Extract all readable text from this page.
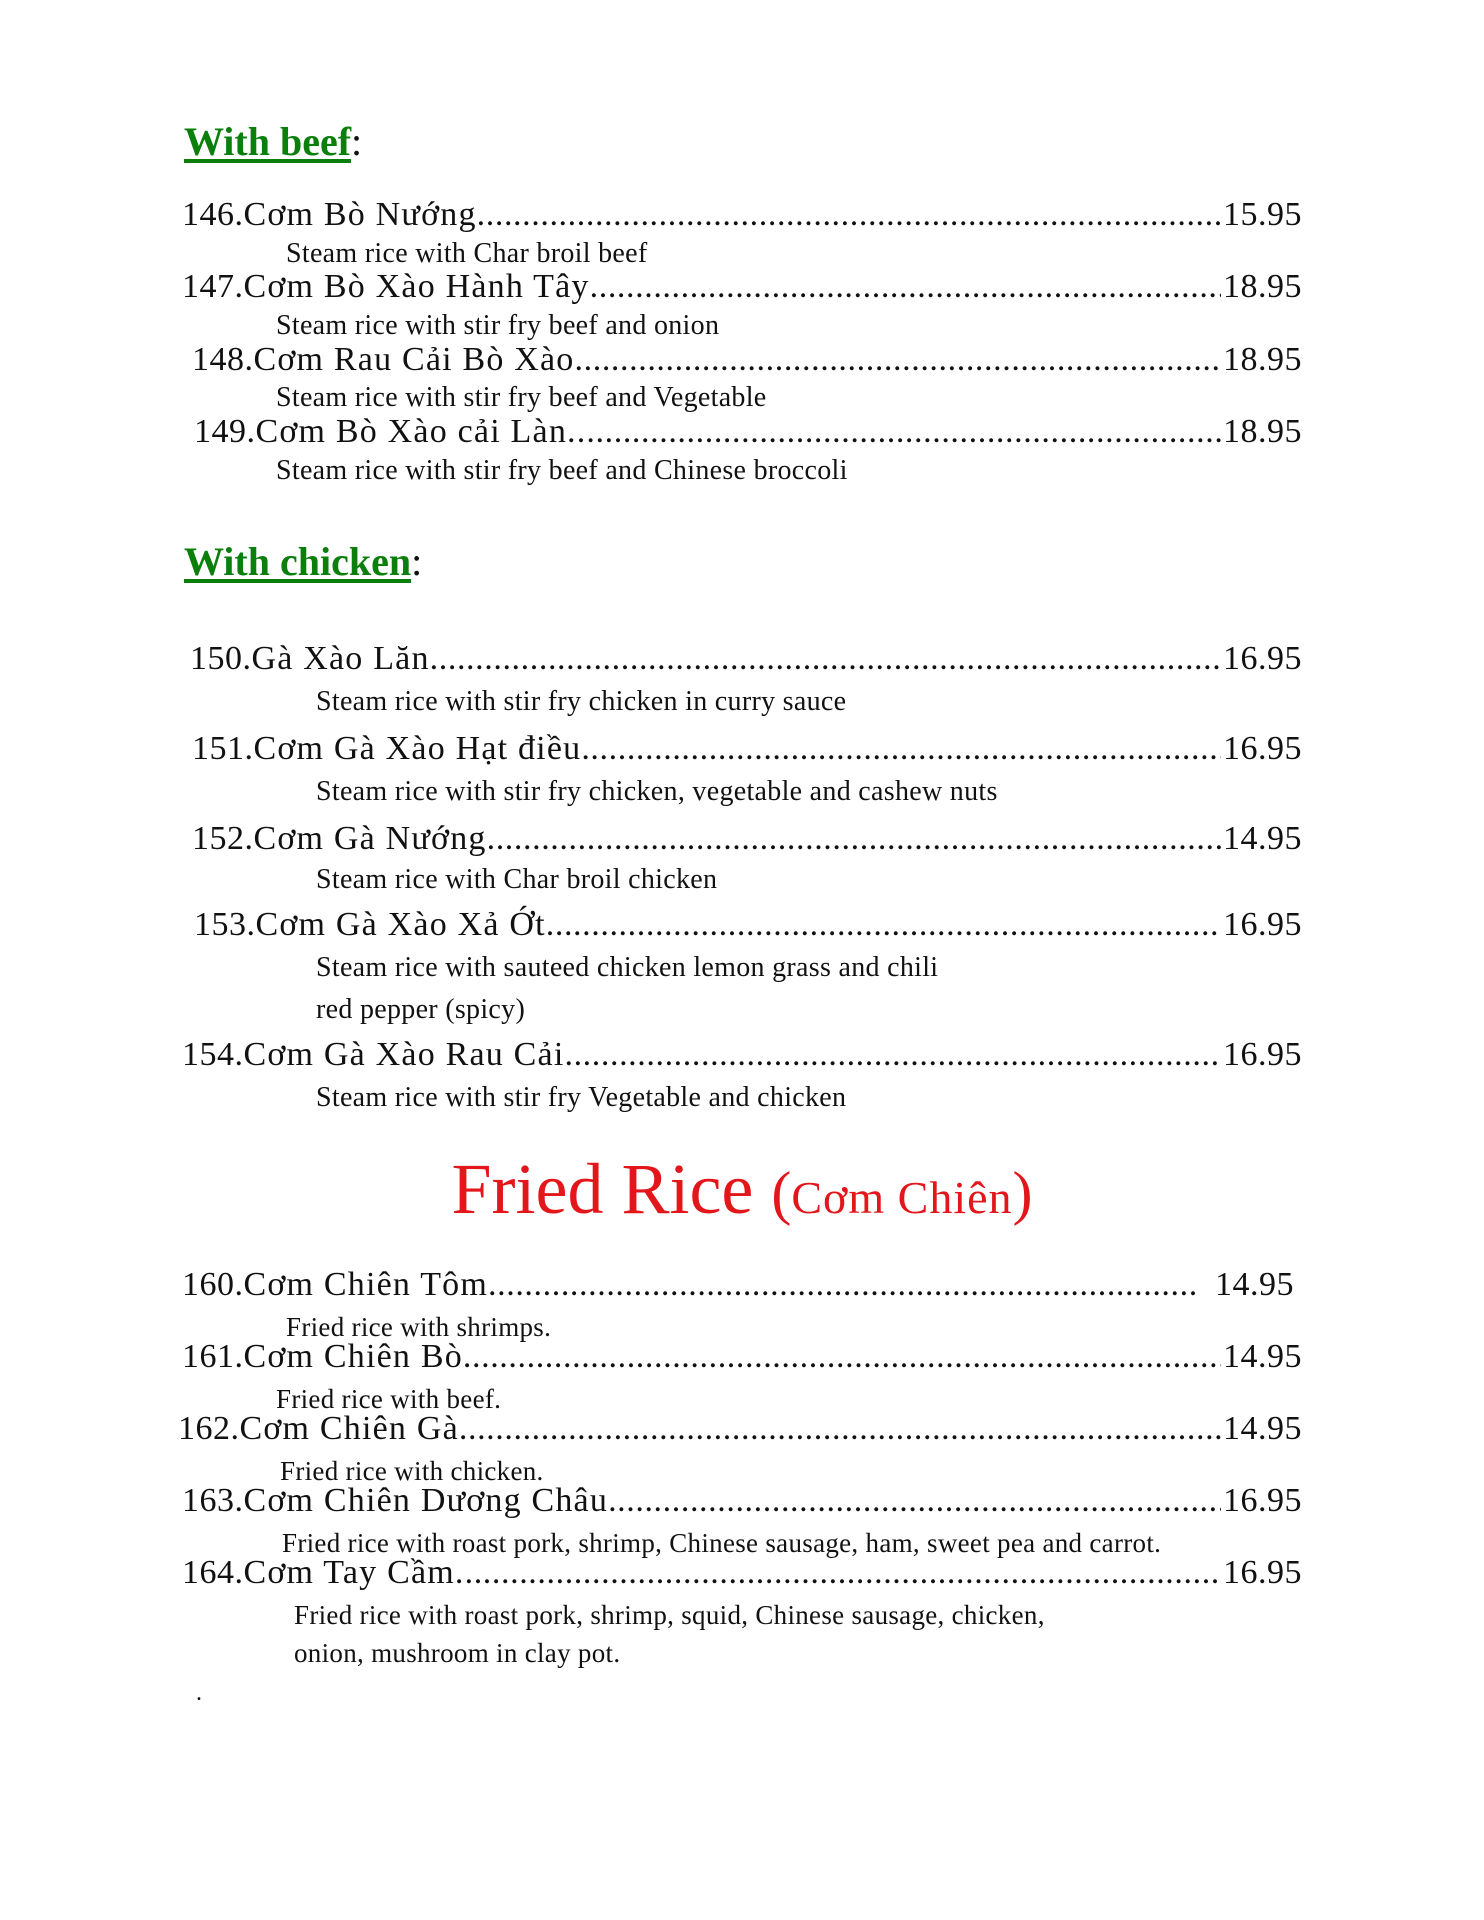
With beef:
146. Cơm Bò Nướng .....	15.95
Steam rice with Char broil beef
147. Cơm Bò Xào Hành Tây .....	18.95
Steam rice with stir fry beef and onion
148. Cơm Rau Cải Bò Xào .....	18.95
Steam rice with stir fry beef and Vegetable
149. Cơm Bò Xào cải Làn.. .....	18.95
Steam rice with stir fry beef and Chinese broccoli
With chicken:
150. Gà Xào Lăn .....	16.95
Steam rice with stir fry chicken in curry sauce
151. Cơm Gà Xào Hạt điều .....	16.95
Steam rice with stir fry chicken, vegetable and cashew nuts
152. Cơm Gà Nướng .....	14.95
Steam rice with Char broil chicken
153. Cơm Gà Xào Xả Ớt .....	16.95
Steam rice with sauteed chicken lemon grass and chili
red pepper (spicy)
154. Cơm Gà Xào Rau Cải .....	16.95
Steam rice with stir fry Vegetable and chicken
Fried Rice (Cơm Chiên)
160. Cơm Chiên Tôm .....	14.95
Fried rice with shrimps.
161. Cơm Chiên Bò .....	14.95
Fried rice with beef.
162. Cơm Chiên Gà .....	14.95
Fried rice with chicken.
163. Cơm Chiên Dương Châu .....	16.95
Fried rice with roast pork, shrimp, Chinese sausage, ham, sweet pea and carrot.
164. Cơm Tay Cầm. .....	16.95
Fried rice with roast pork, shrimp, squid, Chinese sausage, chicken,
onion, mushroom in clay pot.
.
